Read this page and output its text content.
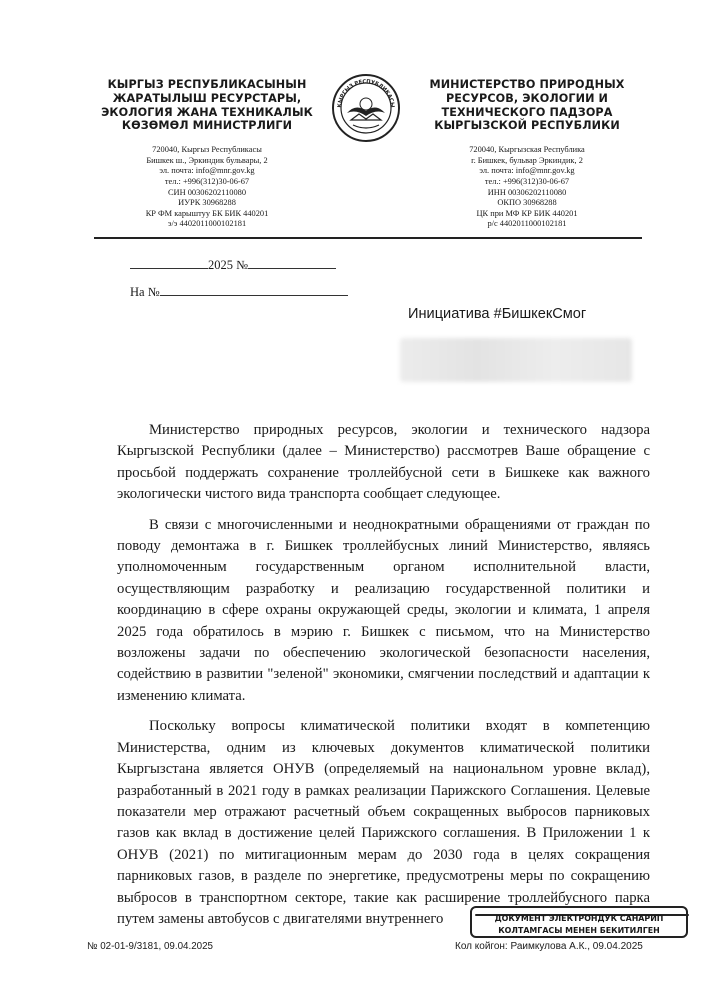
КЫРГЫЗ РЕСПУБЛИКАСЫНЫН
ЖАРАТЫЛЫШ РЕСУРСТАРЫ,
ЭКОЛОГИЯ ЖАНА ТЕХНИКАЛЫК
КӨЗӨМӨЛ МИНИСТРЛИГИ
720040, Кыргыз Республикасы
Бишкек ш., Эркиндик бульвары, 2
эл. почта: info@mnr.gov.kg
тел.: +996(312)30-06-67
СИН 00306202110080
ИУРК 30968288
КР ФМ карыштуу БК БИК 440201
э/э 4402011000102181
КЫРГЫЗ РЕСПУБЛИКАСЫ
МИНИСТЕРСТВО ПРИРОДНЫХ
РЕСУРСОВ, ЭКОЛОГИИ И
ТЕХНИЧЕСКОГО ПАДЗОРА
КЫРГЫЗСКОЙ РЕСПУБЛИКИ
720040, Кыргызская Республика
г. Бишкек, бульвар Эркиндик, 2
эл. почта: info@mnr.gov.kg
тел.: +996(312)30-06-67
ИНН 00306202110080
ОКПО 30968288
ЦК при МФ КР БИК 440201
р/с 4402011000102181
2025 №
На №
Инициатива #БишкекСмог

Министерство природных ресурсов, экологии и технического надзора Кыргызской Республики (далее – Министерство) рассмотрев Ваше обращение с просьбой поддержать сохранение троллейбусной сети в Бишкеке как важного экологически чистого вида транспорта сообщает следующее.

В связи с многочисленными и неоднократными обращениями от граждан по поводу демонтажа в г. Бишкек троллейбусных линий Министерство, являясь уполномоченным государственным органом исполнительной власти, осуществляющим разработку и реализацию государственной политики и координацию в сфере охраны окружающей среды, экологии и климата, 1 апреля 2025 года обратилось в мэрию г. Бишкек с письмом, что на Министерство возложены задачи по обеспечению экологической безопасности населения, содействию в развитии "зеленой" экономики, смягчении последствий и адаптации к изменению климата.

Поскольку вопросы климатической политики входят в компетенцию Министерства, одним из ключевых документов климатической политики Кыргызстана является ОНУВ (определяемый на национальном уровне вклад), разработанный в 2021 году в рамках реализации Парижского Соглашения. Целевые показатели мер отражают расчетный объем сокращенных выбросов парниковых газов как вклад в достижение целей Парижского соглашения. В Приложении 1 к ОНУВ (2021) по митигационным мерам до 2030 года в целях сокращения парниковых газов, в разделе по энергетике, предусмотрены меры по сокращению выбросов в транспортном секторе, такие как расширение троллейбусного парка путем замены автобусов с двигателями внутреннего	ДОКУМЕНТ ЭЛЕКТРОНДУК САНАРИП
КОЛТАМГАСЫ МЕНЕН БЕКИТИЛГЕН
№ 02-01-9/3181, 09.04.2025	Кол койгон: Раимкулова А.К., 09.04.2025
